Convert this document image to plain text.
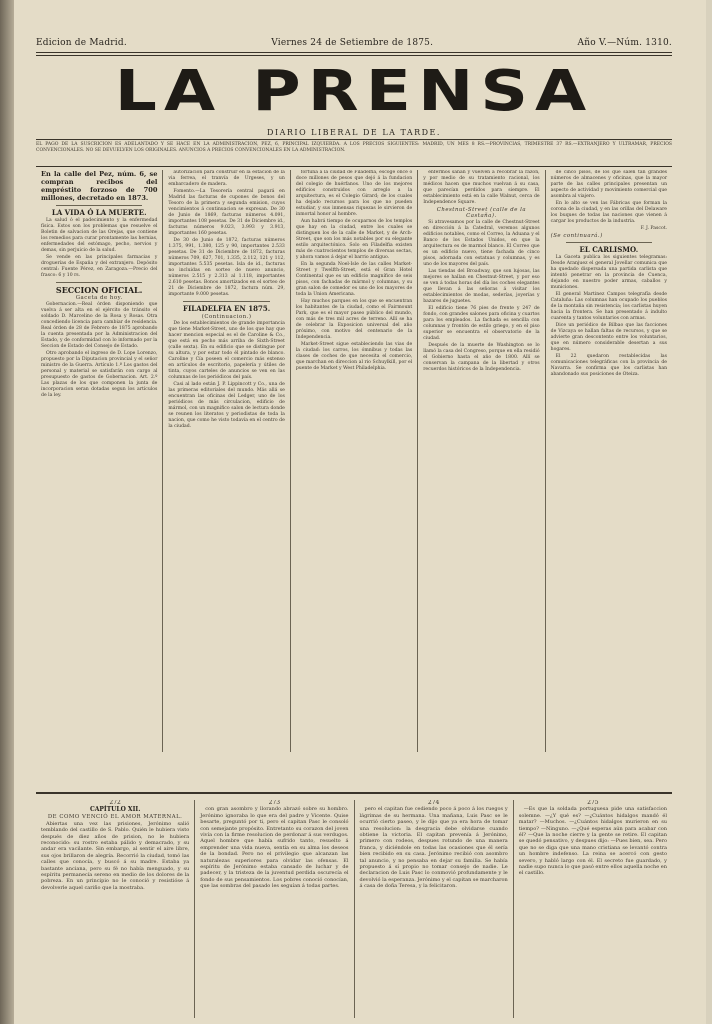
Edicion de Madrid.	Viernes 24 de Setiembre de 1875.	Año V.—Núm. 1310.
LA PRENSA
DIARIO LIBERAL DE LA TARDE.
EL PAGO DE LA SUSCRICION ES ADELANTADO Y SE HACE EN LA ADMINISTRACION, PEZ, 6, PRINCIPAL IZQUIERDA. A LOS PRECIOS SIGUIENTES: MADRID, UN MES 8 RS.—PROVINCIAS, TRIMESTRE 37 RS.—EXTRANJERO Y ULTRAMAR, PRECIOS CONVENCIONALES. NO SE DEVUELVEN LOS ORIGINALES. ANUNCIOS A PRECIOS CONVENCIONALES EN LA ADMINISTRACION.

En la calle del Pez, núm. 6, se compran recibos del empréstito forzoso de 700 millones, decretado en 1873.

LA VIDA Ó LA MUERTE.

La salud ó el padecimiento y la enfermedad física. Estos son los problemas que resuelve el Boletin de salvacion de las Orejas, que contiene los remedios para curar prontamente las hernias, enfermedades del estómago, pecho, nervios y demas, sin perjuicio de la salud.

Se vende en las principales farmacias y droguerías de España y del extranjero. Depósito central: Fuente Pérez, en Zaragoza.—Precio del frasco: 6 y 10 rs.

SECCION OFICIAL.

Gaceta de hoy.

Gobernacion.—Real órden disponiendo que vuelva á ser alta en el ejército de tránsito el soldado D. Marcelino de la Rosa y Rosas. Otra concediendo licencia para cambiar de residencia. Real órden de 28 de Febrero de 1875 aprobando la cuenta presentada por la Administracion del Estado, y de conformidad con lo informado por la Seccion de Estado del Consejo de Estado.

Otro aprobando el ingreso de D. Lope Lorenzo, propuesto por la Diputacion provincial y el señor ministro de la Guerra. Artículo 1.º Los gastos del personal y material se satisfarán con cargo al presupuesto de gastos de Gobernacion. Art. 2.º Las plazas de los que componen la junta de incorporacion seran dotadas segun los artículos de la ley.

autorizacion para construir en la estacion de la via ferrea, el tranvía de Urgeses, y un embarcadero de madera.

Fomento.—La Tesorería central pagará en Madrid las facturas de cupones de bonos del Tesoro de la primera y segunda emision, cuyos vencimientos á continuacion se expresan. De 30 de Junio de 1869, facturas números 4.091, importantes 108 pesetas. De 31 de Diciembre id., facturas números 9.023, 3.993 y 3.913, importantes 160 pesetas.

De 30 de Junio de 1872, facturas números 1.375, 991, 1.380, 125 y 90, importantes 2.533 pesetas. De 31 de Diciembre de 1872, facturas números 709, 627, 701, 1.335, 2.112, 121 y 112, importantes 5.535 pesetas. Isla de id., facturas no incluidas en sorteo de nuevo anuncio, números 2.515 y 2.313 al 1.118, importantes 2.610 pesetas. Bonos amortizados en el sorteo de 21 de Diciembre de 1872, factura núm. 29, importante 9.000 pesetas.

FILADELFIA EN 1875.

(Continuacion.)

De los establecimientos de grande importancia que tiene Market-Street, uno de los que hay que hacer mencion especial es el de Caroline & Co., que está en pecho más arriba de Sixth-Street (calle sexta). En su edificio que se distingue por su altura, y por estar todo él pintado de blanco. Caroline y Cía poseen el comercio más extenso en artículos de escritorio, papelería y útiles de tinta, cuyos carteles de anuncios se ven en las columnas de los periódicos del país.

Casi al lado están J. P. Lippincott y Co., una de las primeras editoriales del mundo. Más allá se encuentran las oficinas del Ledger, uno de los periódicos de más circulacion, edificio de mármol, con un magnífico salon de lectura donde se reunen los literatos y periodistas de toda la nacion, que como he visto todavía en el centro de la ciudad.

fortuna á la ciudad de Filadelfia, escoge once ó doce millones de pesos que dejó á la fundacion del colegio de huérfanos. Uno de los mejores edificios construidos con arreglo a la arquitectura, es el Colegio Girard; de los cuales ha dejado recursos para los que no pueden estudiar, y sus inmensas riquezas le sirvieron de inmortal honor al hombre.

Aun habrá tiempo de ocuparnos de los templos que hay en la ciudad, entre los cuales se distinguen los de la calle de Market, y de Arch-Street, que son los más notables por su elegante estilo arquitectónico. Solo en Filadelfia existen más de cuatrocientos templos de diversas sectas, y ahora vamos á dejar el barrio antiguo.

En la segunda Noel-Isle de las calles Market-Street y Twelfth-Street, está el Gran Hotel Continental que es un edificio magnífico de seis pisos, con fachadas de mármol y columnas, y su gran salon de comedor es uno de los mayores de toda la Union Americana.

Hay muchos parques en los que se encuentran los habitantes de la ciudad, como el Fairmount Park, que es el mayor paseo público del mundo, con más de tres mil acres de terreno. Allí se ha de celebrar la Exposicion universal del año próximo, con motivo del centenario de la Independencia.

Market-Street sigue estableciendo las vias de la ciudad: los carros, los ómnibus y todas las clases de coches de que necesita el comercio, que marchan en direccion al rio Schuylkill, por el puente de Market y West Philadelphia.

enfermos sanan y vuelven á recobrar la razon, y por medio de su tratamiento racional, los médicos hacen que muchos vuelvan á su casa, que parecían perdidos para siempre. El establecimiento está en la calle Walnut, cerca de Independence Square.

Chestnut-Street (calle de la Castaña).

Si atravesamos por la calle de Chestnut-Street en dirección á la Catedral, veremos algunos edificios notables, como el Correo, la Aduana y el Banco de los Estados Unidos, en que la arquitectura es de marmol blanco. El Correo que es un edificio nuevo, tiene fachada de cinco pisos, adornada con estatuas y columnas, y es uno de los mayores del país.

Las tiendas del Broadway, que son lujosas, las mejores se hallan en Chestnut-Street, y por eso se ven á todas horas del día los coches elegantes que llevan á las señoras á visitar los establecimientos de modas, sederías, joyerías y bazares de juguetes.

El edificio tiene 76 pies de frente y 247 de fondo, con grandes salones para oficina y cuartos para los empleados. La fachada es sencilla con columnas y frontón de estilo griego, y en el piso superior se encuentra el observatorio de la ciudad.

Después de la muerte de Washington se lo llamó la casa del Congreso, porque en ella residió el Gobierno hasta el año de 1800. Allí se conservan la campana de la libertad y otros recuerdos históricos de la Independencia.

de cinco pisos, de los que salen tan grandes números de almacenes y oficinas, que la mayor parte de las calles principales presentan un aspecto de actividad y movimiento comercial que asombra al viajero.

En lo alto se ven las Fábricas que forman la corona de la ciudad, y en las orillas del Delaware los buques de todas las naciones que vienen á cargar los productos de la industria.

F. J. Pascot.

(Se continuará.)

EL CARLISMO.

La Gaceta publica los siguientes telegramas: Desde Aranjuez el general Jovellar comunica que ha quedado dispersada una partida carlista que intentó penetrar en la provincia de Cuenca, dejando en nuestro poder armas, caballos y municiones.

El general Martinez Campos telegrafía desde Cataluña: Las columnas han ocupado los pueblos de la montaña sin resistencia; los carlistas huyen hacia la frontera. Se han presentado á indulto cuarenta y tantos voluntarios con armas.

Dice un periódico de Bilbao que las facciones de Vizcaya se hallan faltas de recursos, y que se advierte gran descontento entre los voluntarios, que en número considerable desertan a sus hogares.

El 22 quedaron restablecidas las comunicaciones telegráficas con la provincia de Navarra. Se confirma que los carlistas han abandonado sus posiciones de Oteiza.

272

CAPÍTULO XII.

DE COMO VENCIÓ EL AMOR MATERNAL.

Abiertas una vez las prisiones, Jerónimo salió temblando del castillo de S. Pablo. Quién le hubiera visto después de diez años de prision, no le hubiera reconocido: su rostro estaba pálido y demacrado, y su andar era vacilante. Sin embargo, al sentir el aire libre, sus ojos brillaron de alegría. Recorrió la ciudad, tomó las calles que conocía, y buscó á su madre. Estaba ya bastante anciana, pero su fé no había menguado, y su espíritu permanecía sereno en medio de los dolores de la pobreza. En un principio no le conoció y resistióse á devolverle aquel cariño que la mostraba.

273

con gran asombro y llorando abrazó sobre su hombro. Jerónimo ignoraba lo que era del padre y Vicente. Quise besarte, preguntó por ti, pero el capitan Pasc le consoló con semejante propósito. Entretanto su corazon del joven vivía con la firme resolucion de perdonar á sus verdugos. Aquel hombre que había sufrido tanto, resuelto á emprender una vida nueva, sentía en su alma los deseos de la bondad. Pero no el privilegio que alcanzan las naturalezas superiores para olvidar las ofensas. El espíritu de Jerónimo estaba cansado de luchar y de padecer, y la tristeza de la juventud perdida oscurecía el fondo de sus pensamientos. Los pobres conoció conocían, que las sombras del pasado les seguían á todas partes.

274

pero el capitan fue cediendo poco á poco á los ruegos y lágrimas de su hermana. Una mañana, Luis Pasc se le ocurrió cierto paseo, y le dijo que ya era hora de tomar una resolucion: la desgracia debe olvidarse cuando obtiene la victoria. El capitan prevenía á Jerónimo, primero con rodeos, despues rotundo de una manera franca, y diciéndole en todas las ocasiones que él sería bien recibido en su casa. Jerónimo recibió con asombro tal anuncio, y no pensaba en dejar su familia. Se había propuesto á sí propio no tomar consejo de nadie. Le declaracion de Luis Pasc lo conmovió profundamente y le devolvió la esperanza. Jerónimo y el capitan se marcharon á casa de doña Teresa, y la felicitaron.

275

—Es que la soldada portuguesa pide una satisfaccion solemne. —¿Y qué es? —¿Cuántos hidalgos mandó él matar? —Muchos. —¿Cuántos hidalgos murieron en su tiempo? —Ninguno. —¿Qué esperas aún para acabar con él? —Que la noche cierre y la gente se retire. El capitan se quedó pensativo, y despues dijo: —Pues bien, sea. Pero que no se diga que una mano cristiana se levantó contra un hombre indefenso. La reina se acercó con gesto severo, y habló largo con él. El secreto fue guardado, y nadie supo nunca lo que pasó entre ellos aquella noche en el castillo.
